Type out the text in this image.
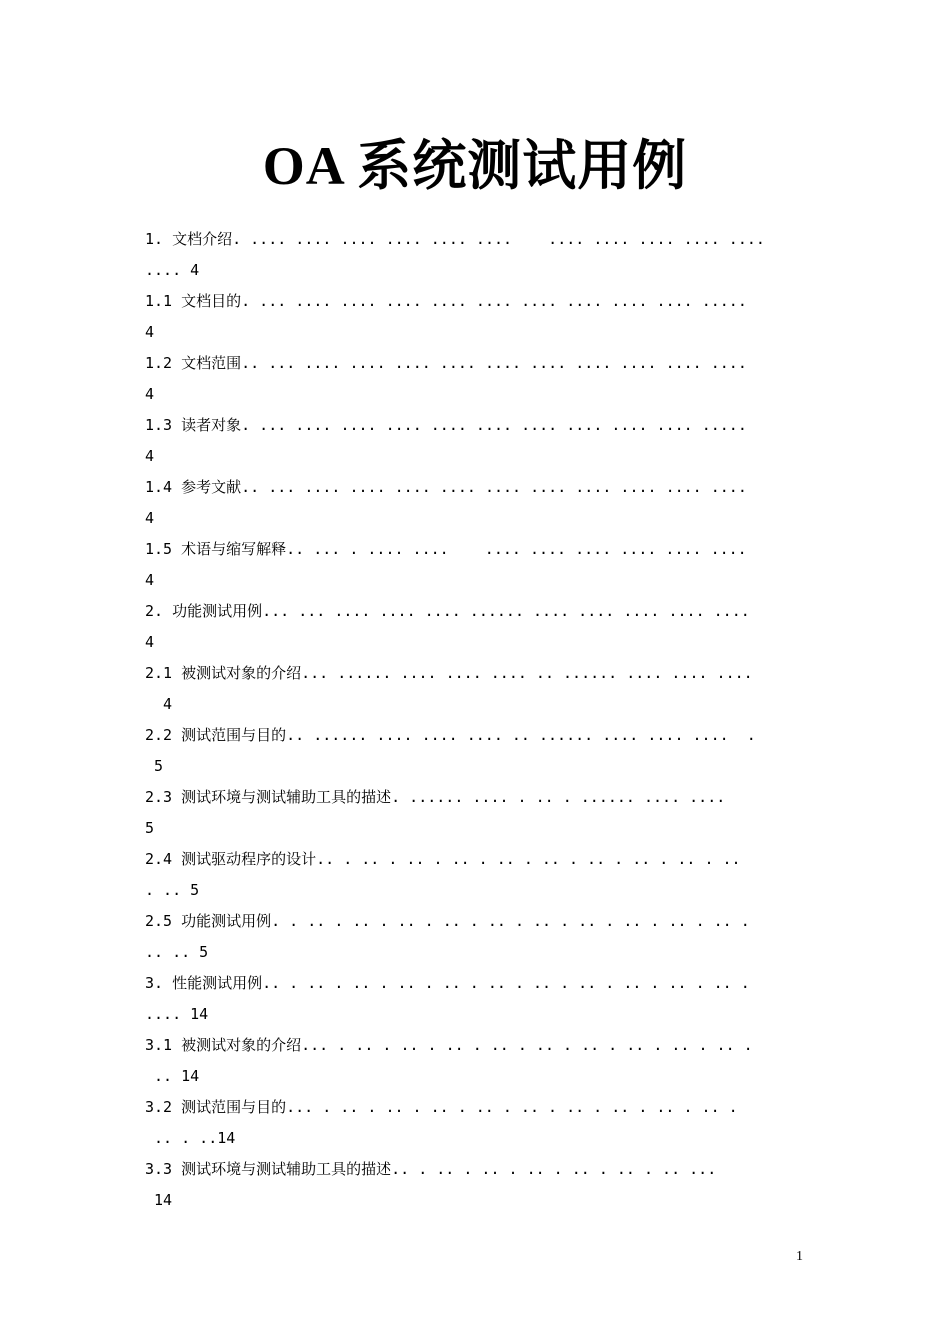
OA 系统测试用例
1. 文档介绍. .... .... .... .... .... ....    .... .... .... .... ....
.... 4
1.1 文档目的. ... .... .... .... .... .... .... .... .... .... .....
4
1.2 文档范围.. ... .... .... .... .... .... .... .... .... .... ....
4
1.3 读者对象. ... .... .... .... .... .... .... .... .... .... .....
4
1.4 参考文献.. ... .... .... .... .... .... .... .... .... .... ....
4
1.5 术语与缩写解释.. ... . .... ....    .... .... .... .... .... ....
4
2. 功能测试用例... ... .... .... .... ...... .... .... .... .... ....
4
2.1 被测试对象的介绍... ...... .... .... .... .. ...... .... .... ....
4
2.2 测试范围与目的.. ...... .... .... .... .. ...... .... .... ....  .
5
2.3 测试环境与测试辅助工具的描述. ...... .... . .. . ...... .... ....
5
2.4 测试驱动程序的设计.. . .. . .. . .. . .. . .. . .. . .. . .. . ..
. .. 5
2.5 功能测试用例. . .. . .. . .. . .. . .. . .. . .. . .. . .. . .. .
.. .. 5
3. 性能测试用例.. . .. . .. . .. . .. . .. . .. . .. . .. . .. . .. .
.... 14
3.1 被测试对象的介绍... . .. . .. . .. . .. . .. . .. . .. . .. . .. .
.. 14
3.2 测试范围与目的... . .. . .. . .. . .. . .. . .. . .. . .. . .. .
.. . ..14
3.3 测试环境与测试辅助工具的描述.. . .. . .. . .. . .. . .. . .. ...
14
1
